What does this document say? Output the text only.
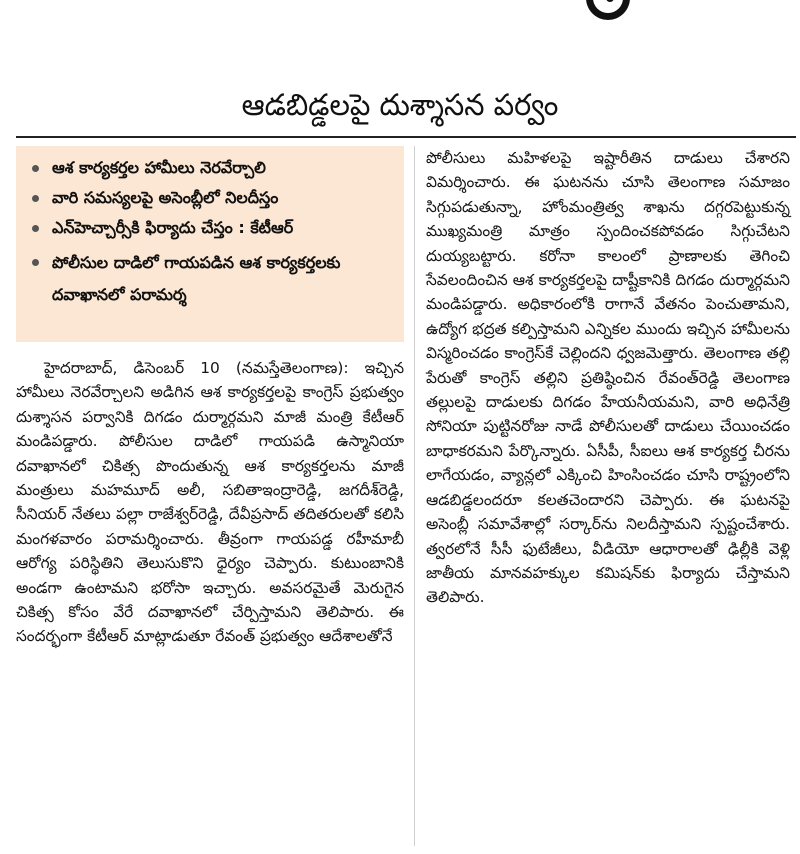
ఆడబిడ్డలపై దుశ్శాసన పర్వం
ఆశ కార్యకర్తల హామీలు నెరవేర్చాలి
వారి సమస్యలపై అసెంబ్లీలో నిలదీస్తం
ఎన్‌హెచ్చార్సీకి ఫిర్యాదు చేస్తం : కేటీఆర్
పోలీసుల దాడిలో గాయపడిన ఆశ కార్యకర్తలకు దవాఖానలో పరామర్శ

హైదరాబాద్, డిసెంబర్ 10 (నమస్తేతెలంగాణ): ఇచ్చిన హామీలు నెరవేర్చాలని అడిగిన ఆశ కార్యకర్తలపై కాంగ్రెస్ ప్రభుత్వం దుశ్శాసన పర్వానికి దిగడం దుర్మార్గమని మాజీ మంత్రి కేటీఆర్ మండిపడ్డారు. పోలీసుల దాడిలో గాయపడి ఉస్మానియా దవాఖానలో చికిత్స పొందుతున్న ఆశ కార్యకర్తలను మాజీ మంత్రులు మహమూద్ అలీ, సబితాఇంద్రారెడ్డి, జగదీశ్‌రెడ్డి, సీనియర్ నేతలు పల్లా రాజేశ్వర్‌రెడ్డి, దేవీప్రసాద్ తదితరులతో కలిసి మంగళవారం పరామర్శించారు. తీవ్రంగా గాయపడ్డ రహీమాబీ ఆరోగ్య పరిస్థితిని తెలుసుకొని ధైర్యం చెప్పారు. కుటుంబానికి అండగా ఉంటామని భరోసా ఇచ్చారు. అవసరమైతే మెరుగైన చికిత్స కోసం వేరే దవాఖానలో చేర్పిస్తామని తెలిపారు. ఈ సందర్భంగా కేటీఆర్ మాట్లాడుతూ రేవంత్ ప్రభుత్వం ఆదేశాలతోనే

పోలీసులు మహిళలపై ఇష్టారీతిన దాడులు చేశారని విమర్శించారు. ఈ ఘటనను చూసి తెలంగాణ సమాజం సిగ్గుపడుతున్నా, హోంమంత్రిత్వ శాఖను దగ్గరపెట్టుకున్న ముఖ్యమంత్రి మాత్రం స్పందించకపోవడం సిగ్గుచేటని దుయ్యబట్టారు. కరోనా కాలంలో ప్రాణాలకు తెగించి సేవలందించిన ఆశ కార్యకర్తలపై దాష్టీకానికి దిగడం దుర్మార్గమని మండిపడ్డారు. అధికారంలోకి రాగానే వేతనం పెంచుతామని, ఉద్యోగ భద్రత కల్పిస్తామని ఎన్నికల ముందు ఇచ్చిన హామీలను విస్మరించడం కాంగ్రెస్‌కే చెల్లిందని ధ్వజమెత్తారు. తెలంగాణ తల్లి పేరుతో కాంగ్రెస్ తల్లిని ప్రతిష్ఠించిన రేవంత్‌రెడ్డి తెలంగాణ తల్లులపై దాడులకు దిగడం హేయనీయమని, వారి అధినేత్రి సోనియా పుట్టినరోజు నాడే పోలీసులతో దాడులు చేయించడం బాధాకరమని పేర్కొన్నారు. ఏసీపీ, సీఐలు ఆశ కార్యకర్త చీరను లాగేయడం, వ్యాన్లలో ఎక్కించి హింసించడం చూసి రాష్ట్రంలోని ఆడబిడ్డలందరూ కలతచెందారని చెప్పారు. ఈ ఘటనపై అసెంబ్లీ సమావేశాల్లో సర్కార్‌ను నిలదీస్తామని స్పష్టంచేశారు. త్వరలోనే సీసీ ఫుటేజీలు, వీడియో ఆధారాలతో ఢిల్లీకి వెళ్లి జాతీయ మానవహక్కుల కమిషన్‌కు ఫిర్యాదు చేస్తామని తెలిపారు.
